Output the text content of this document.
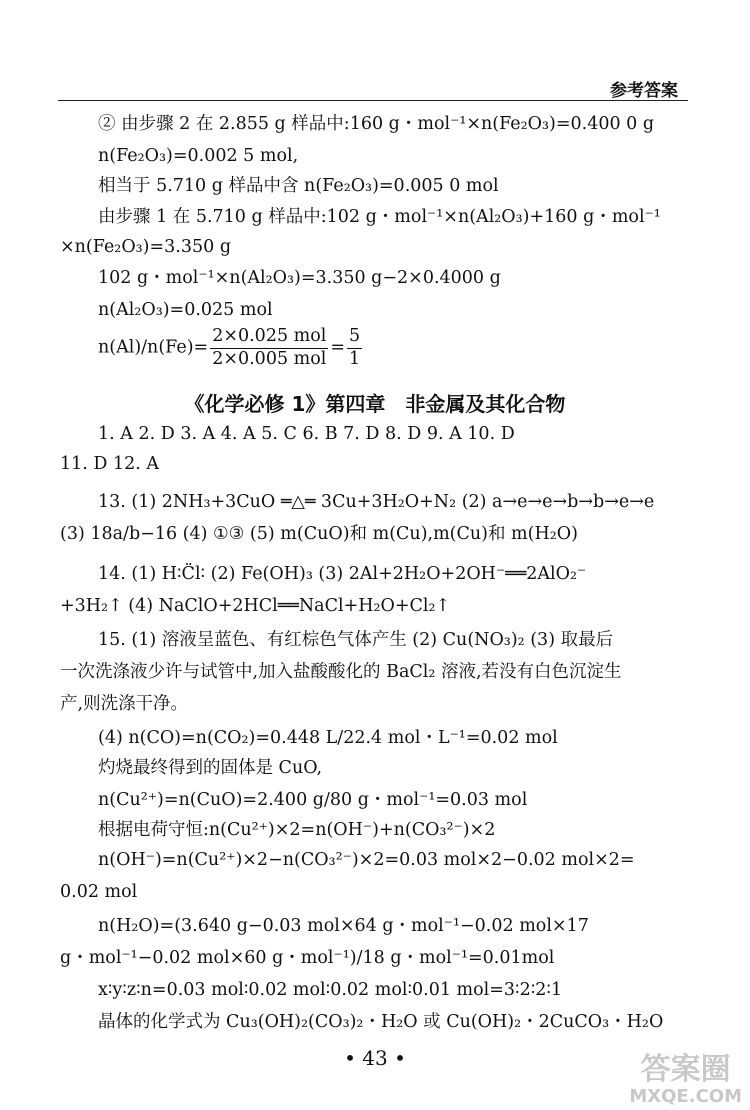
参考答案
② 由步骤 2 在 2.855 g 样品中:160 g・mol⁻¹×n(Fe₂O₃)=0.400 0 g
n(Fe₂O₃)=0.002 5 mol,
相当于 5.710 g 样品中含 n(Fe₂O₃)=0.005 0 mol
由步骤 1 在 5.710 g 样品中:102 g・mol⁻¹×n(Al₂O₃)+160 g・mol⁻¹
×n(Fe₂O₃)=3.350 g
102 g・mol⁻¹×n(Al₂O₃)=3.350 g−2×0.4000 g
n(Al₂O₃)=0.025 mol
$n(Al)/n(Fe)= \frac{\text{2×0.025 mol}}{\text{2×0.005 mol}} = \frac{5}{1}$
《化学必修 1》第四章　非金属及其化合物
1. A 2. D 3. A 4. A 5. C 6. B 7. D 8. D 9. A 10. D
11. D 12. A
13. (1) 2NH₃+3CuO ═△═ 3Cu+3H₂O+N₂ (2) a→e→e→b→b→e→e
(3) 18a/b−16 (4) ①③ (5) m(CuO)和 m(Cu),m(Cu)和 m(H₂O)
14. (1) H∶C̈l∶ (2) Fe(OH)₃ (3) 2Al+2H₂O+2OH⁻══2AlO₂⁻
+3H₂↑ (4) NaClO+2HCl══NaCl+H₂O+Cl₂↑
15. (1) 溶液呈蓝色、有红棕色气体产生 (2) Cu(NO₃)₂ (3) 取最后
一次洗涤液少许与试管中,加入盐酸酸化的 BaCl₂ 溶液,若没有白色沉淀生
产,则洗涤干净。
(4) n(CO)=n(CO₂)=0.448 L/22.4 mol・L⁻¹=0.02 mol
灼烧最终得到的固体是 CuO,
n(Cu²⁺)=n(CuO)=2.400 g/80 g・mol⁻¹=0.03 mol
根据电荷守恒:n(Cu²⁺)×2=n(OH⁻)+n(CO₃²⁻)×2
n(OH⁻)=n(Cu²⁺)×2−n(CO₃²⁻)×2=0.03 mol×2−0.02 mol×2=
0.02 mol
n(H₂O)=(3.640 g−0.03 mol×64 g・mol⁻¹−0.02 mol×17
g・mol⁻¹−0.02 mol×60 g・mol⁻¹)/18 g・mol⁻¹=0.01mol
x∶y∶z∶n=0.03 mol∶0.02 mol∶0.02 mol∶0.01 mol=3∶2∶2∶1
晶体的化学式为 Cu₃(OH)₂(CO₃)₂・H₂O 或 Cu(OH)₂・2CuCO₃・H₂O
• 43 •	答案圈
MXQE.COM
